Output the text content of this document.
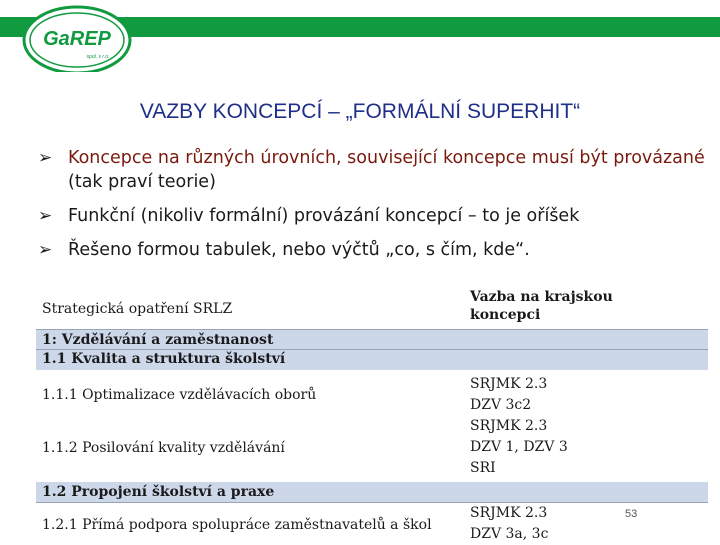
GaREP
spol. s r.o.
VAZBY KONCEPCÍ – „FORMÁLNÍ SUPERHIT“
➢ Koncepce na různých úrovních, související koncepce musí být provázané (tak praví teorie)
➢ Funkční (nikoliv formální) provázání koncepcí – to je oříšek
➢ Řešeno formou tabulek, nebo výčtů „co, s čím, kde“.
Strategická opatření SRLZ
Vazba na krajskou
koncepci
1: Vzdělávání a zaměstnanost
1.1 Kvalita a struktura školství
1.1.1 Optimalizace vzdělávacích oborů
SRJMK 2.3
DZV 3c2
1.1.2 Posilování kvality vzdělávání
SRJMK 2.3
DZV 1, DZV 3
SRI
1.2 Propojení školství a praxe
1.2.1 Přímá podpora spolupráce zaměstnavatelů a škol
SRJMK 2.3
DZV 3a, 3c
53
